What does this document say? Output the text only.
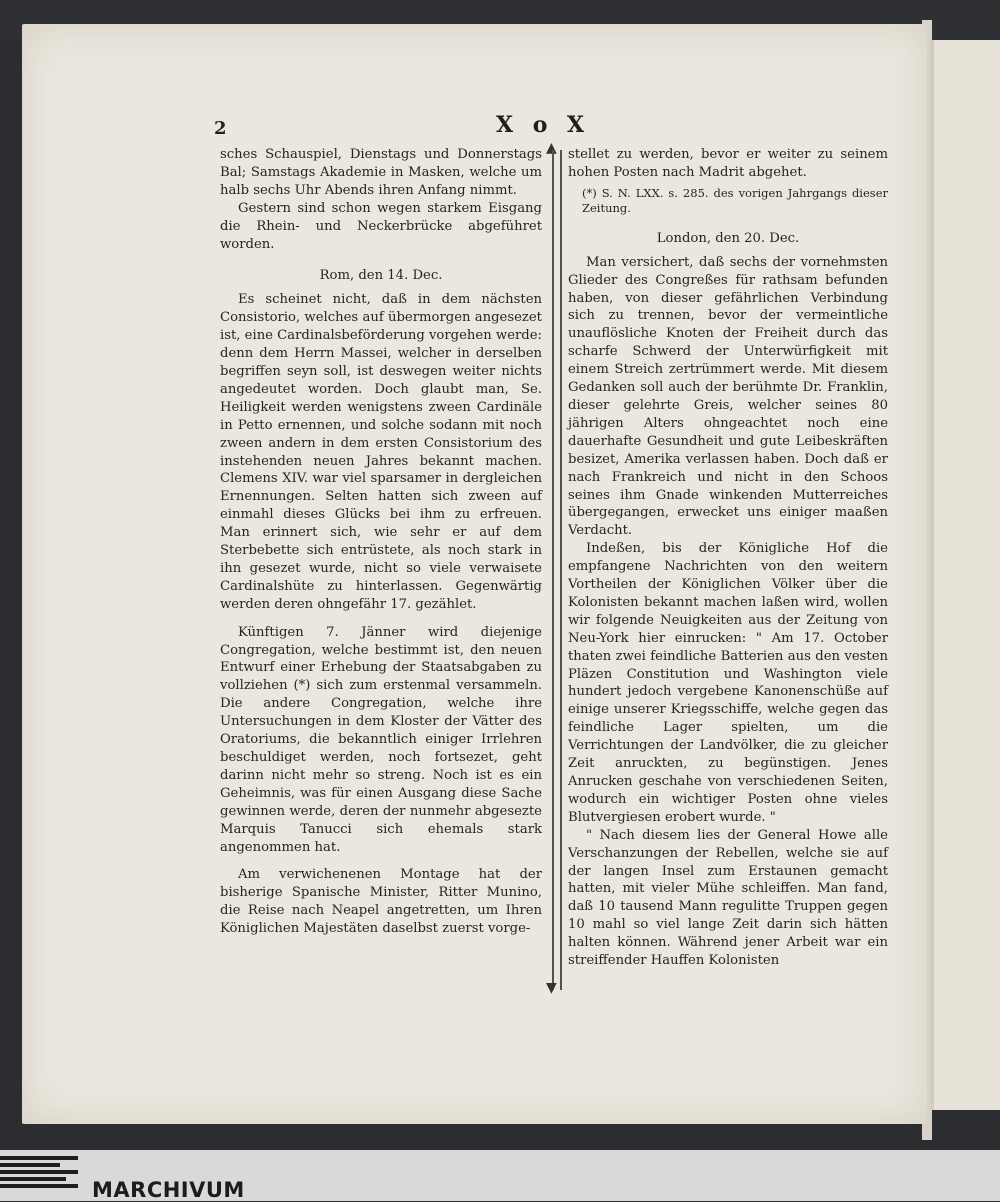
2	X o X
▲
▼

sches Schauspiel, Dienstags und Donnerstags Bal; Samstags Akademie in Masken, welche um halb sechs Uhr Abends ihren Anfang nimmt.

Gestern sind schon wegen starkem Eisgang die Rhein- und Neckerbrücke abgeführet worden.

Rom, den 14. Dec.

Es scheinet nicht, daß in dem nächsten Consistorio, welches auf übermorgen angesezet ist, eine Cardinalsbeförderung vorgehen werde: denn dem Herrn Massei, welcher in derselben begriffen seyn soll, ist deswegen weiter nichts angedeutet worden. Doch glaubt man, Se. Heiligkeit werden wenigstens zween Cardinäle in Petto ernennen, und solche sodann mit noch zween andern in dem ersten Consistorium des instehenden neuen Jahres bekannt machen. Clemens XIV. war viel sparsamer in dergleichen Ernennungen. Selten hatten sich zween auf einmahl dieses Glücks bei ihm zu erfreuen. Man erinnert sich, wie sehr er auf dem Sterbebette sich entrüstete, als noch stark in ihn gesezet wurde, nicht so viele verwaisete Cardinalshüte zu hinterlassen. Gegenwärtig werden deren ohngefähr 17. gezählet.

Künftigen 7. Jänner wird diejenige Congregation, welche bestimmt ist, den neuen Entwurf einer Erhebung der Staatsabgaben zu vollziehen (*) sich zum erstenmal versammeln. Die andere Congregation, welche ihre Untersuchungen in dem Kloster der Vätter des Oratoriums, die bekanntlich einiger Irrlehren beschuldiget werden, noch fortsezet, geht darinn nicht mehr so streng. Noch ist es ein Geheimnis, was für einen Ausgang diese Sache gewinnen werde, deren der nunmehr abgesezte Marquis Tanucci sich ehemals stark angenommen hat.

Am verwichenenen Montage hat der bisherige Spanische Minister, Ritter Munino, die Reise nach Neapel angetretten, um Ihren Königlichen Majestäten daselbst zuerst vorge-

stellet zu werden, bevor er weiter zu seinem hohen Posten nach Madrit abgehet.

(*) S. N. LXX. s. 285. des vorigen Jahrgangs dieser Zeitung.

London, den 20. Dec.

Man versichert, daß sechs der vornehmsten Glieder des Congreßes für rathsam befunden haben, von dieser gefährlichen Verbindung sich zu trennen, bevor der vermeintliche unauflösliche Knoten der Freiheit durch das scharfe Schwerd der Unterwürfigkeit mit einem Streich zertrümmert werde. Mit diesem Gedanken soll auch der berühmte Dr. Franklin, dieser gelehrte Greis, welcher seines 80 jährigen Alters ohngeachtet noch eine dauerhafte Gesundheit und gute Leibeskräften besizet, Amerika verlassen haben. Doch daß er nach Frankreich und nicht in den Schoos seines ihm Gnade winkenden Mutterreiches übergegangen, erwecket uns einiger maaßen Verdacht.

Indeßen, bis der Königliche Hof die empfangene Nachrichten von den weitern Vortheilen der Königlichen Völker über die Kolonisten bekannt machen laßen wird, wollen wir folgende Neuigkeiten aus der Zeitung von Neu-York hier einrucken: " Am 17. October thaten zwei feindliche Batterien aus den vesten Pläzen Constitution und Washington viele hundert jedoch vergebene Kanonenschüße auf einige unserer Kriegsschiffe, welche gegen das feindliche Lager spielten, um die Verrichtungen der Landvölker, die zu gleicher Zeit anruckten, zu begünstigen. Jenes Anrucken geschahe von verschiedenen Seiten, wodurch ein wichtiger Posten ohne vieles Blutvergiesen erobert wurde. "

" Nach diesem lies der General Howe alle Verschanzungen der Rebellen, welche sie auf der langen Insel zum Erstaunen gemacht hatten, mit vieler Mühe schleiffen. Man fand, daß 10 tausend Mann regulitte Truppen gegen 10 mahl so viel lange Zeit darin sich hätten halten können. Während jener Arbeit war ein streiffender Hauffen Kolonisten

MARCHIVUM
